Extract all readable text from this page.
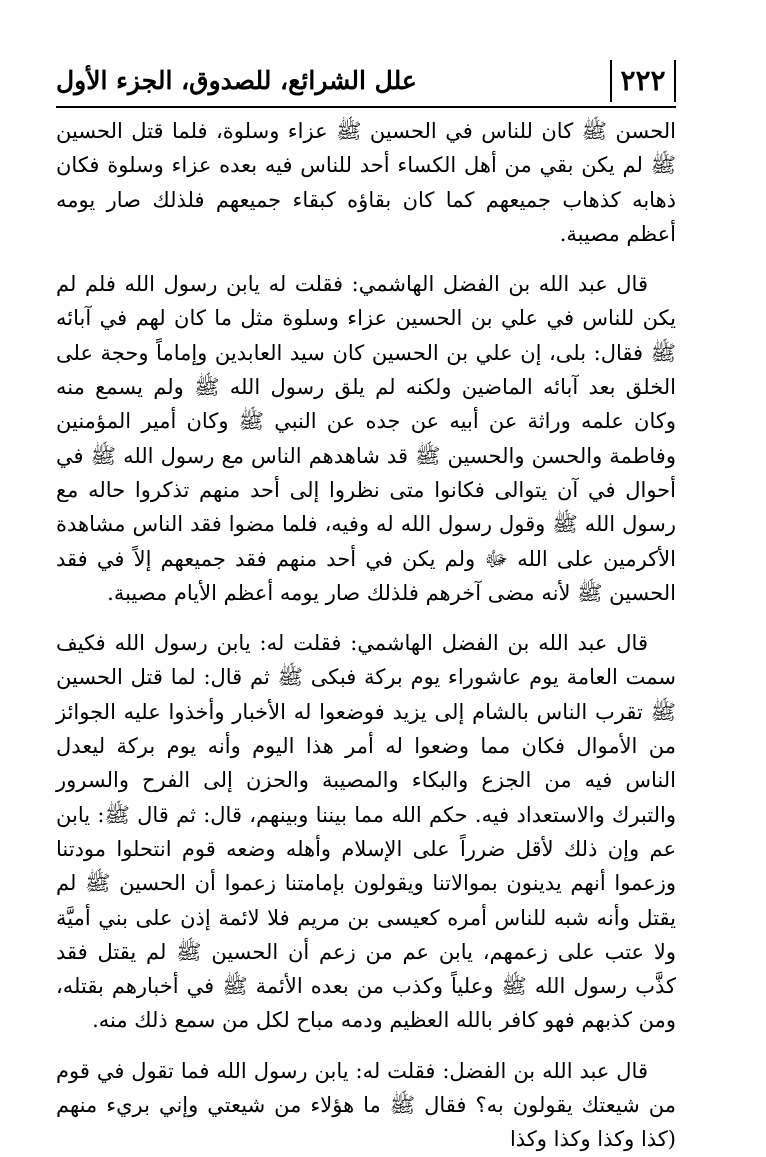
٢٢٢
علل الشرائع، للصدوق، الجزء الأول

الحسن ﷺ كان للناس في الحسين ﷺ عزاء وسلوة، فلما قتل الحسين ﷺ لم يكن بقي من أهل الكساء أحد للناس فيه بعده عزاء وسلوة فكان ذهابه كذهاب جميعهم كما كان بقاؤه كبقاء جميعهم فلذلك صار يومه أعظم مصيبة.

قال عبد الله بن الفضل الهاشمي: فقلت له يابن رسول الله فلم لم يكن للناس في علي بن الحسين عزاء وسلوة مثل ما كان لهم في آبائه ﷺ فقال: بلى، إن علي بن الحسين كان سيد العابدين وإماماً وحجة على الخلق بعد آبائه الماضين ولكنه لم يلق رسول الله ﷺ ولم يسمع منه وكان علمه وراثة عن أبيه عن جده عن النبي ﷺ وكان أمير المؤمنين وفاطمة والحسن والحسين ﷺ قد شاهدهم الناس مع رسول الله ﷺ في أحوال في آن يتوالى فكانوا متى نظروا إلى أحد منهم تذكروا حاله مع رسول الله ﷺ وقول رسول الله له وفيه، فلما مضوا فقد الناس مشاهدة الأكرمين على الله ﷻ ولم يكن في أحد منهم فقد جميعهم إلاً في فقد الحسين ﷺ لأنه مضى آخرهم فلذلك صار يومه أعظم الأيام مصيبة.

قال عبد الله بن الفضل الهاشمي: فقلت له: يابن رسول الله فكيف سمت العامة يوم عاشوراء يوم بركة فبكى ﷺ ثم قال: لما قتل الحسين ﷺ تقرب الناس بالشام إلى يزيد فوضعوا له الأخبار وأخذوا عليه الجوائز من الأموال فكان مما وضعوا له أمر هذا اليوم وأنه يوم بركة ليعدل الناس فيه من الجزع والبكاء والمصيبة والحزن إلى الفرح والسرور والتبرك والاستعداد فيه. حكم الله مما بيننا وبينهم، قال: ثم قال ﷺ: يابن عم وإن ذلك لأقل ضرراً على الإسلام وأهله وضعه قوم انتحلوا مودتنا وزعموا أنهم يدينون بموالاتنا ويقولون بإمامتنا زعموا أن الحسين ﷺ لم يقتل وأنه شبه للناس أمره كعيسى بن مريم فلا لائمة إذن على بني أميَّة ولا عتب على زعمهم، يابن عم من زعم أن الحسين ﷺ لم يقتل فقد كذَّب رسول الله ﷺ وعلياً وكذب من بعده الأئمة ﷺ في أخبارهم بقتله، ومن كذبهم فهو كافر بالله العظيم ودمه مباح لكل من سمع ذلك منه.

قال عبد الله بن الفضل: فقلت له: يابن رسول الله فما تقول في قوم من شيعتك يقولون به؟ فقال ﷺ ما هؤلاء من شيعتي وإني بريء منهم (كذا وكذا وكذا وكذا
